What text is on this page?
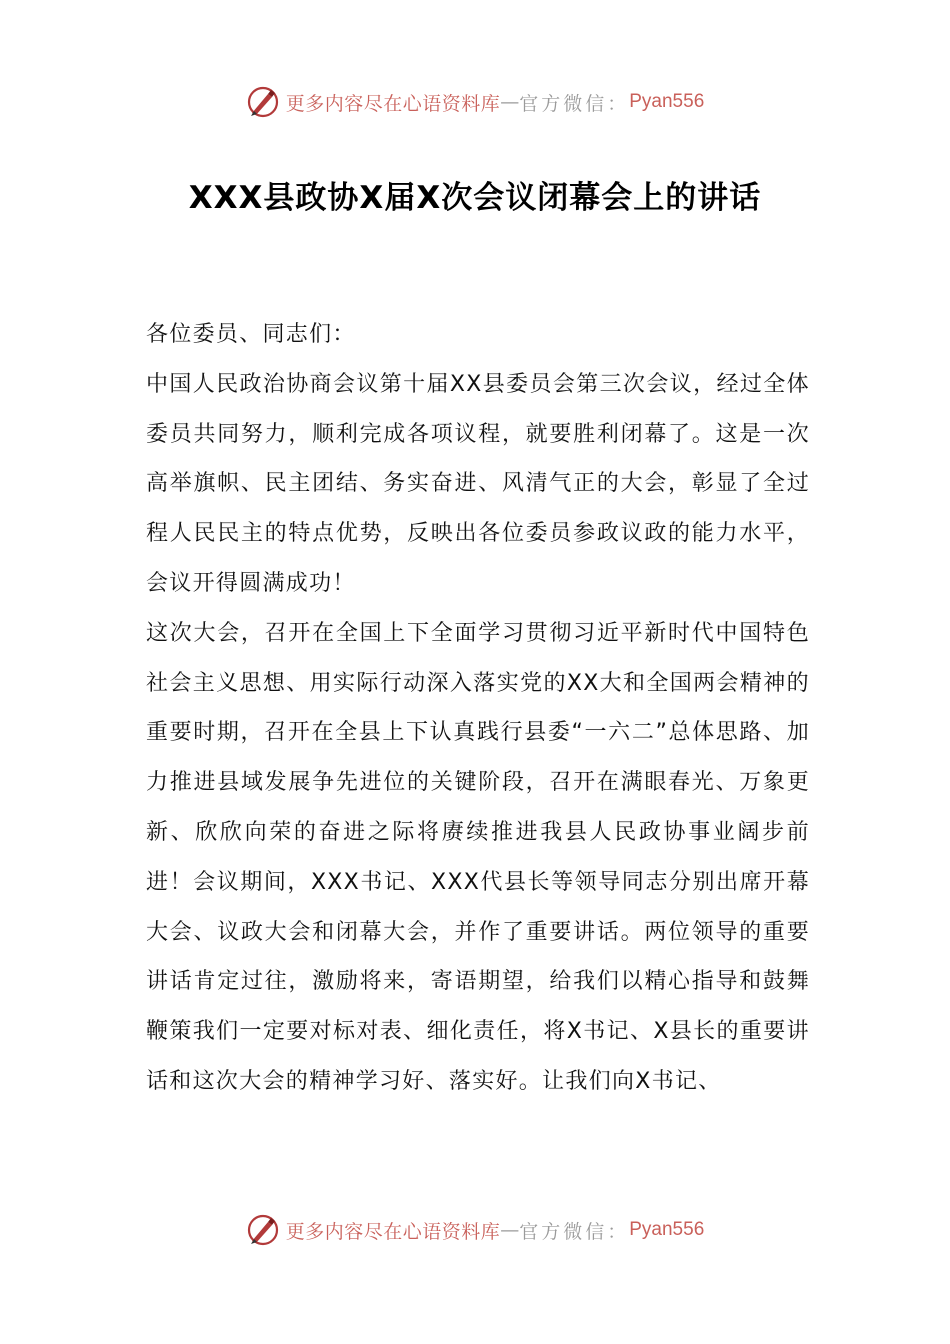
更多内容尽在心语资料库 — 官方微信： Pyan556
XXX县政协X届X次会议闭幕会上的讲话

各位委员、同志们：

中国人民政治协商会议第十届XX县委员会第三次会议，经过全体委员共同努力，顺利完成各项议程，就要胜利闭幕了。这是一次高举旗帜、民主团结、务实奋进、风清气正的大会，彰显了全过程人民民主的特点优势，反映出各位委员参政议政的能力水平，会议开得圆满成功！

这次大会，召开在全国上下全面学习贯彻习近平新时代中国特色社会主义思想、用实际行动深入落实党的XX大和全国两会精神的重要时期，召开在全县上下认真践行县委“一六二”总体思路、加力推进县域发展争先进位的关键阶段，召开在满眼春光、万象更新、欣欣向荣的奋进之际将赓续推进我县人民政协事业阔步前进！会议期间，XXX书记、XXX代县长等领导同志分别出席开幕大会、议政大会和闭幕大会，并作了重要讲话。两位领导的重要讲话肯定过往，激励将来，寄语期望，给我们以精心指导和鼓舞鞭策我们一定要对标对表、细化责任，将X书记、X县长的重要讲话和这次大会的精神学习好、落实好。让我们向X书记、

更多内容尽在心语资料库 — 官方微信： Pyan556
